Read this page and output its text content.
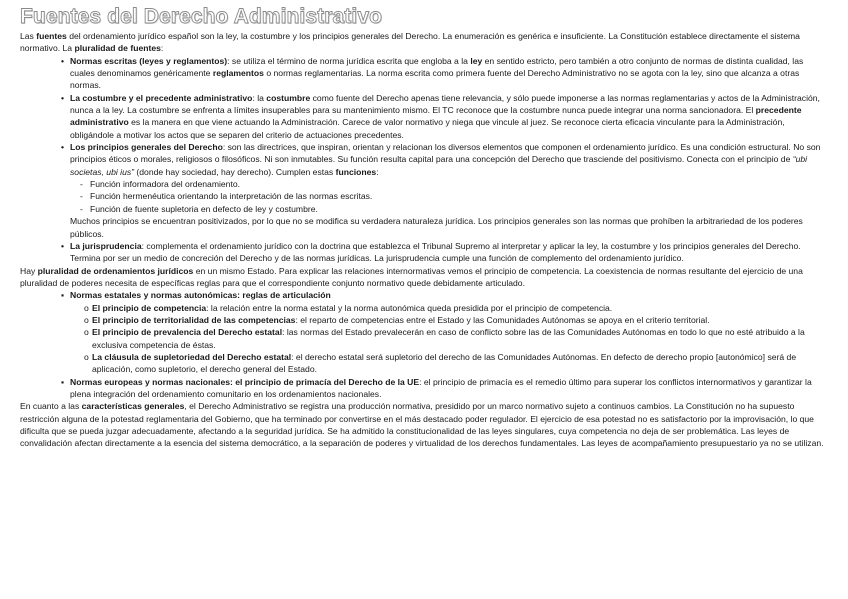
Fuentes del Derecho Administrativo

Las fuentes del ordenamiento jurídico español son la ley, la costumbre y los principios generales del Derecho. La enumeración es genérica e insuficiente. La Constitución establece directamente el sistema normativo. La pluralidad de fuentes:

• Normas escritas (leyes y reglamentos): se utiliza el término de norma jurídica escrita que engloba a la ley en sentido estricto, pero también a otro conjunto de normas de distinta cualidad, las cuales denominamos genéricamente reglamentos o normas reglamentarias. La norma escrita como primera fuente del Derecho Administrativo no se agota con la ley, sino que alcanza a otras normas.
• La costumbre y el precedente administrativo: la costumbre como fuente del Derecho apenas tiene relevancia, y sólo puede imponerse a las normas reglamentarias y actos de la Administración, nunca a la ley. La costumbre se enfrenta a límites insuperables para su mantenimiento mismo. El TC reconoce que la costumbre nunca puede integrar una norma sancionadora. El precedente administrativo es la manera en que viene actuando la Administración. Carece de valor normativo y niega que vincule al juez. Se reconoce cierta eficacia vinculante para la Administración, obligándole a motivar los actos que se separen del criterio de actuaciones precedentes.
• Los principios generales del Derecho: son las directrices, que inspiran, orientan y relacionan los diversos elementos que componen el ordenamiento jurídico. Es una condición estructural. No son principios éticos o morales, religiosos o filosóficos. Ni son inmutables. Su función resulta capital para una concepción del Derecho que trasciende del positivismo. Conecta con el principio de “ubi societas, ubi ius” (donde hay sociedad, hay derecho). Cumplen estas funciones:
- Función informadora del ordenamiento.
- Función hermenéutica orientando la interpretación de las normas escritas.
- Función de fuente supletoria en defecto de ley y costumbre.
Muchos principios se encuentran positivizados, por lo que no se modifica su verdadera naturaleza jurídica. Los principios generales son las normas que prohíben la arbitrariedad de los poderes públicos.
• La jurisprudencia: complementa el ordenamiento jurídico con la doctrina que establezca el Tribunal Supremo al interpretar y aplicar la ley, la costumbre y los principios generales del Derecho. Termina por ser un medio de concreción del Derecho y de las normas jurídicas. La jurisprudencia cumple una función de complemento del ordenamiento jurídico.

Hay pluralidad de ordenamientos jurídicos en un mismo Estado. Para explicar las relaciones internormativas vemos el principio de competencia. La coexistencia de normas resultante del ejercicio de una pluralidad de poderes necesita de específicas reglas para que el correspondiente conjunto normativo quede debidamente articulado.

▪ Normas estatales y normas autonómicas: reglas de articulación
o El principio de competencia: la relación entre la norma estatal y la norma autonómica queda presidida por el principio de competencia.
o El principio de territorialidad de las competencias: el reparto de competencias entre el Estado y las Comunidades Autónomas se apoya en el criterio territorial.
o El principio de prevalencia del Derecho estatal: las normas del Estado prevalecerán en caso de conflicto sobre las de las Comunidades Autónomas en todo lo que no esté atribuido a la exclusiva competencia de éstas.
o La cláusula de supletoriedad del Derecho estatal: el derecho estatal será supletorio del derecho de las Comunidades Autónomas. En defecto de derecho propio [autonómico] será de aplicación, como supletorio, el derecho general del Estado.
▪ Normas europeas y normas nacionales: el principio de primacía del Derecho de la UE: el principio de primacía es el remedio último para superar los conflictos internormativos y garantizar la plena integración del ordenamiento comunitario en los ordenamientos nacionales.

En cuanto a las características generales, el Derecho Administrativo se registra una producción normativa, presidido por un marco normativo sujeto a continuos cambios. La Constitución no ha supuesto restricción alguna de la potestad reglamentaria del Gobierno, que ha terminado por convertirse en el más destacado poder regulador. El ejercicio de esa potestad no es satisfactorio por la improvisación, lo que dificulta que se pueda juzgar adecuadamente, afectando a la seguridad jurídica. Se ha admitido la constitucionalidad de las leyes singulares, cuya competencia no deja de ser problemática. Las leyes de convalidación afectan directamente a la esencia del sistema democrático, a la separación de poderes y virtualidad de los derechos fundamentales. Las leyes de acompañamiento presupuestario ya no se utilizan.
